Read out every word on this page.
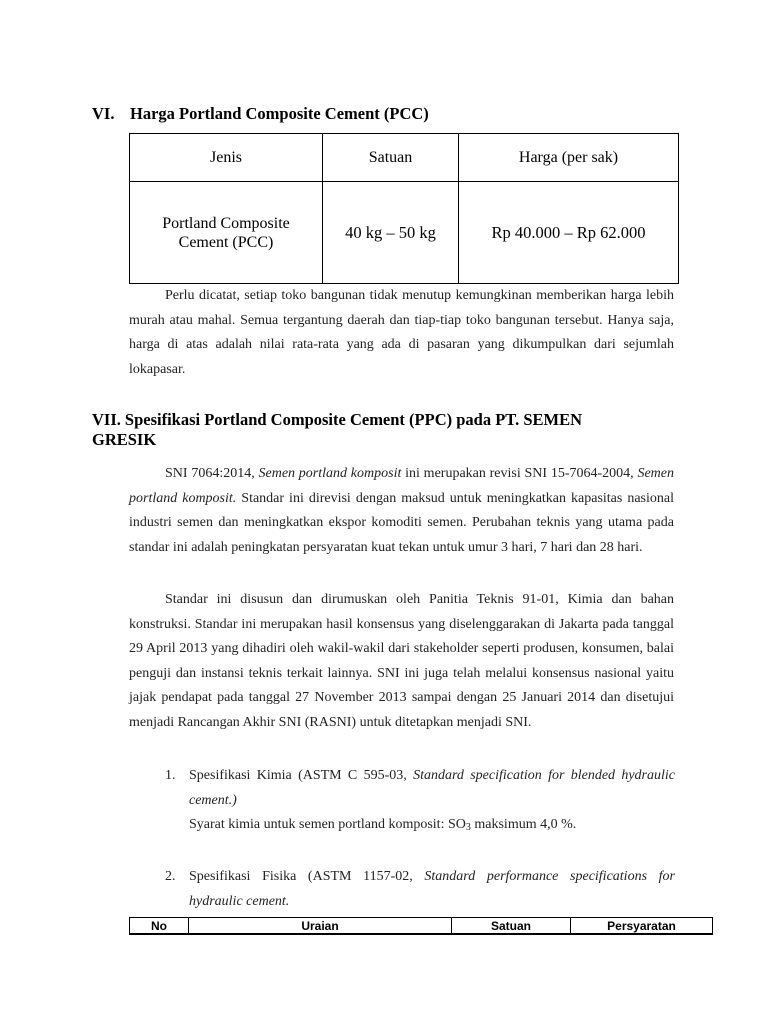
VI. Harga Portland Composite Cement (PCC)
Jenis	Satuan	Harga (per sak)

Portland Composite
Cement (PCC)	40 kg – 50 kg	Rp 40.000 – Rp 62.000

Perlu dicatat, setiap toko bangunan tidak menutup kemungkinan memberikan harga lebih murah atau mahal. Semua tergantung daerah dan tiap-tiap toko bangunan tersebut. Hanya saja, harga di atas adalah nilai rata-rata yang ada di pasaran yang dikumpulkan dari sejumlah lokapasar.

VII. Spesifikasi Portland Composite Cement (PPC) pada PT. SEMEN
GRESIK

SNI 7064:2014, Semen portland komposit ini merupakan revisi SNI 15-7064-2004, Semen portland komposit. Standar ini direvisi dengan maksud untuk meningkatkan kapasitas nasional industri semen dan meningkatkan ekspor komoditi semen. Perubahan teknis yang utama pada standar ini adalah peningkatan persyaratan kuat tekan untuk umur 3 hari, 7 hari dan 28 hari.

Standar ini disusun dan dirumuskan oleh Panitia Teknis 91-01, Kimia dan bahan konstruksi. Standar ini merupakan hasil konsensus yang diselenggarakan di Jakarta pada tanggal 29 April 2013 yang dihadiri oleh wakil-wakil dari stakeholder seperti produsen, konsumen, balai penguji dan instansi teknis terkait lainnya. SNI ini juga telah melalui konsensus nasional yaitu jajak pendapat pada tanggal 27 November 2013 sampai dengan 25 Januari 2014 dan disetujui menjadi Rancangan Akhir SNI (RASNI) untuk ditetapkan menjadi SNI.

1. Spesifikasi Kimia (ASTM C 595-03, Standard specification for blended hydraulic cement.)
Syarat kimia untuk semen portland komposit: $SO_3$ maksimum 4,0 %.
2. Spesifikasi Fisika (ASTM 1157-02, Standard performance specifications for hydraulic cement.
No	Uraian	Satuan	Persyaratan
